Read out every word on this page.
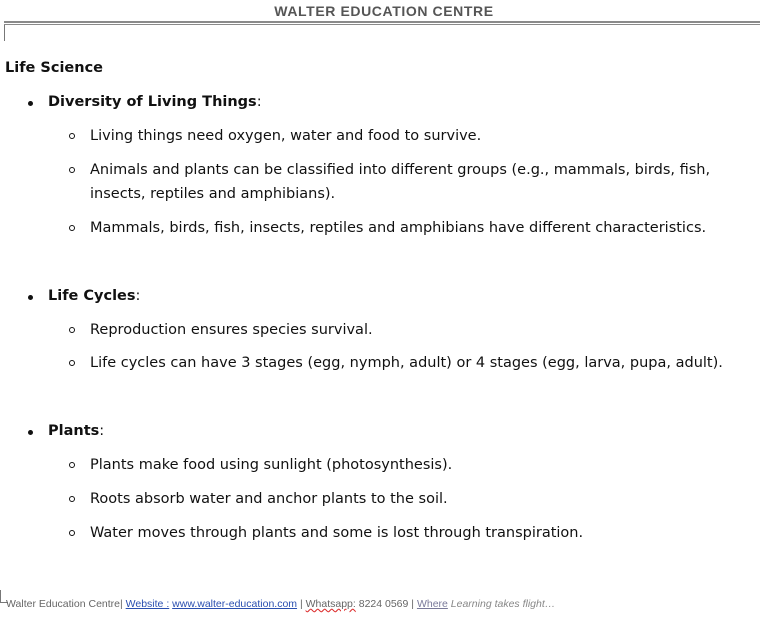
WALTER EDUCATION CENTRE
Life Science
Diversity of Living Things:
Living things need oxygen, water and food to survive.
Animals and plants can be classified into different groups (e.g., mammals, birds, fish, insects, reptiles and amphibians).
Mammals, birds, fish, insects, reptiles and amphibians have different characteristics.
Life Cycles:
Reproduction ensures species survival.
Life cycles can have 3 stages (egg, nymph, adult) or 4 stages (egg, larva, pupa, adult).
Plants:
Plants make food using sunlight (photosynthesis).
Roots absorb water and anchor plants to the soil.
Water moves through plants and some is lost through transpiration.
Walter Education Centre| Website : www.walter-education.com | Whatsapp: 8224 0569 | Where Learning takes flight…
